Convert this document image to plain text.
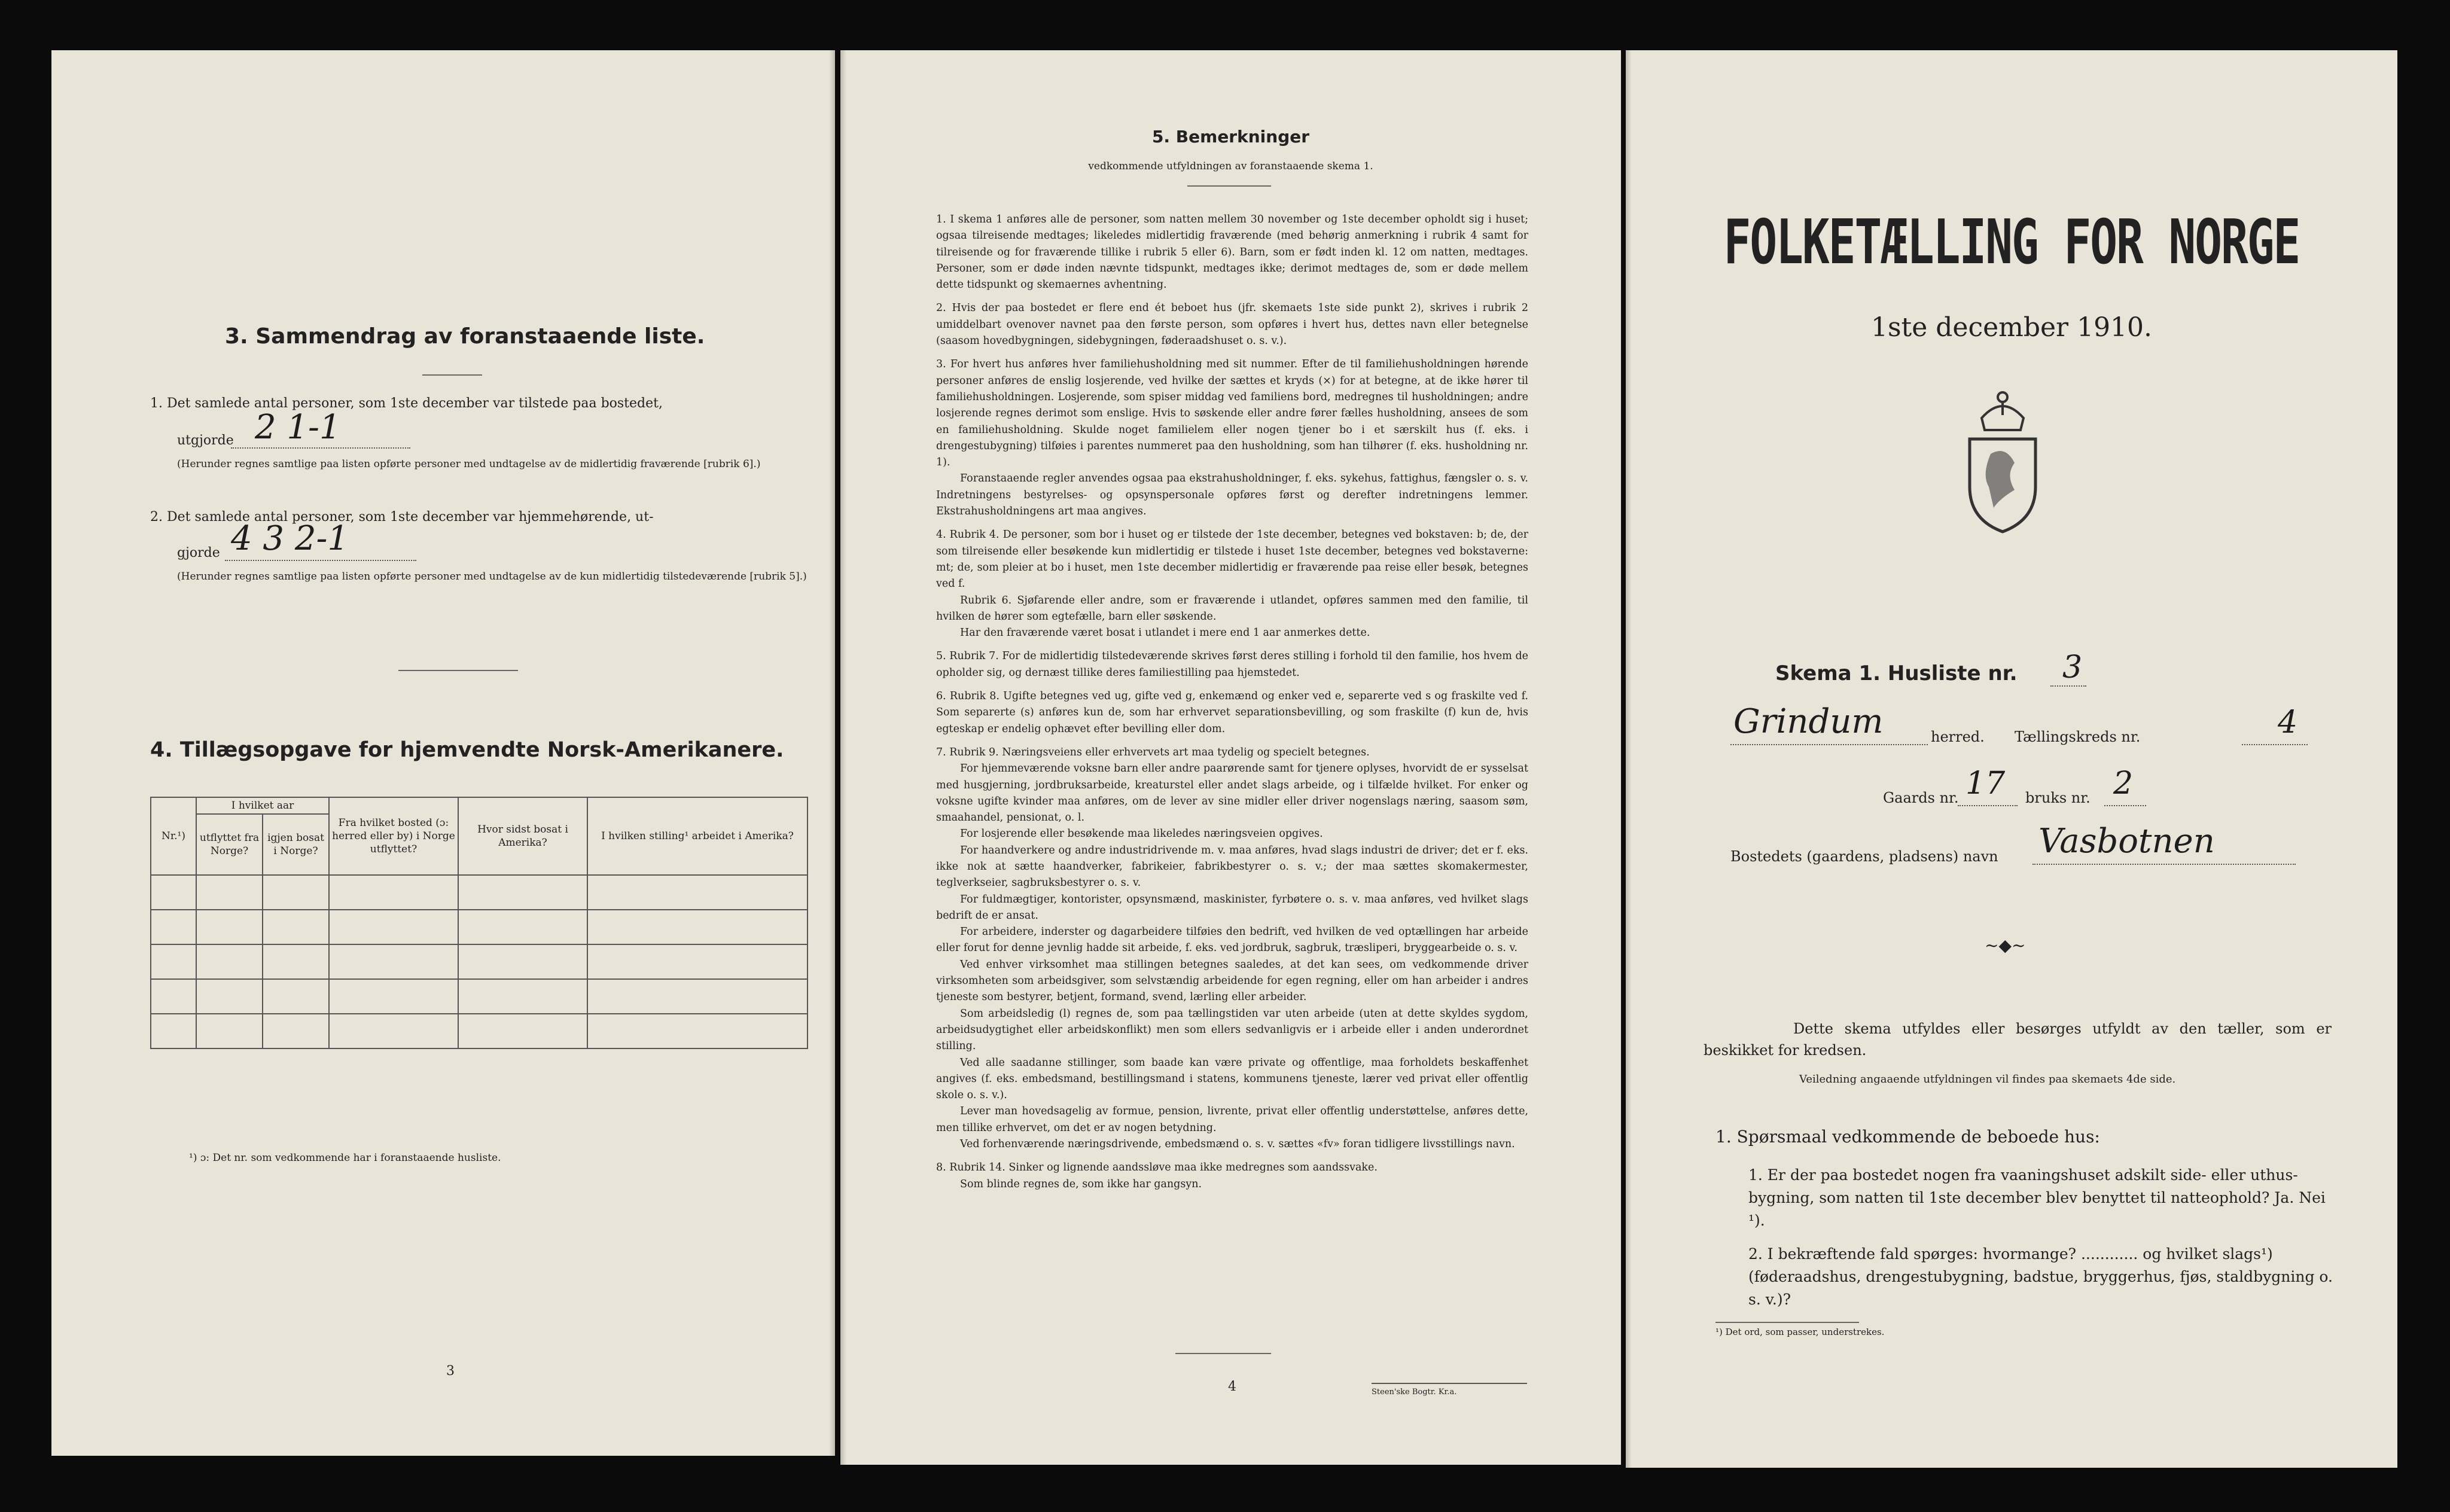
3. Sammendrag av foranstaaende liste.
1. Det samlede antal personer, som 1ste december var tilstede paa bostedet,
utgjorde 2 1-1
(Herunder regnes samtlige paa listen opførte personer med undtagelse av de midlertidig fraværende [rubrik 6].)
2. Det samlede antal personer, som 1ste december var hjemmehørende, ut-
gjorde 4 3 2-1
(Herunder regnes samtlige paa listen opførte personer med undtagelse av de kun midlertidig tilstedeværende [rubrik 5].)
4. Tillægsopgave for hjemvendte Norsk-Amerikanere.
Nr.¹)	I hvilket aar		Fra hvilket bosted (ɔ: herred eller by) i Norge utflyttet?	Hvor sidst bosat i Amerika?	I hvilken stilling¹ arbeidet i Amerika?
	utflyttet fra Norge?	igjen bosat i Norge?			

¹) ɔ: Det nr. som vedkommende har i foranstaaende husliste.
3
5. Bemerkninger
vedkommende utfyldningen av foranstaaende skema 1.

1. I skema 1 anføres alle de personer, som natten mellem 30 november og 1ste december opholdt sig i huset; ogsaa tilreisende medtages; likeledes midlertidig fraværende (med behørig anmerkning i rubrik 4 samt for tilreisende og for fraværende tillike i rubrik 5 eller 6). Barn, som er født inden kl. 12 om natten, medtages. Personer, som er døde inden nævnte tidspunkt, medtages ikke; derimot medtages de, som er døde mellem dette tidspunkt og skemaernes avhentning.

2. Hvis der paa bostedet er flere end ét beboet hus (jfr. skemaets 1ste side punkt 2), skrives i rubrik 2 umiddelbart ovenover navnet paa den første person, som opføres i hvert hus, dettes navn eller betegnelse (saasom hovedbygningen, sidebygningen, føderaadshuset o. s. v.).

3. For hvert hus anføres hver familiehusholdning med sit nummer. Efter de til familiehusholdningen hørende personer anføres de enslig losjerende, ved hvilke der sættes et kryds (×) for at betegne, at de ikke hører til familiehusholdningen. Losjerende, som spiser middag ved familiens bord, medregnes til husholdningen; andre losjerende regnes derimot som enslige. Hvis to søskende eller andre fører fælles husholdning, ansees de som en familiehusholdning. Skulde noget familielem eller nogen tjener bo i et særskilt hus (f. eks. i drengestubygning) tilføies i parentes nummeret paa den husholdning, som han tilhører (f. eks. husholdning nr. 1).

Foranstaaende regler anvendes ogsaa paa ekstrahusholdninger, f. eks. sykehus, fattighus, fængsler o. s. v. Indretningens bestyrelses- og opsynspersonale opføres først og derefter indretningens lemmer. Ekstrahusholdningens art maa angives.

4. Rubrik 4. De personer, som bor i huset og er tilstede der 1ste december, betegnes ved bokstaven: b; de, der som tilreisende eller besøkende kun midlertidig er tilstede i huset 1ste december, betegnes ved bokstaverne: mt; de, som pleier at bo i huset, men 1ste december midlertidig er fraværende paa reise eller besøk, betegnes ved f.

Rubrik 6. Sjøfarende eller andre, som er fraværende i utlandet, opføres sammen med den familie, til hvilken de hører som egtefælle, barn eller søskende.

Har den fraværende været bosat i utlandet i mere end 1 aar anmerkes dette.

5. Rubrik 7. For de midlertidig tilstedeværende skrives først deres stilling i forhold til den familie, hos hvem de opholder sig, og dernæst tillike deres familiestilling paa hjemstedet.

6. Rubrik 8. Ugifte betegnes ved ug, gifte ved g, enkemænd og enker ved e, separerte ved s og fraskilte ved f. Som separerte (s) anføres kun de, som har erhvervet separationsbevilling, og som fraskilte (f) kun de, hvis egteskap er endelig ophævet efter bevilling eller dom.

7. Rubrik 9. Næringsveiens eller erhvervets art maa tydelig og specielt betegnes.

For hjemmeværende voksne barn eller andre paarørende samt for tjenere oplyses, hvorvidt de er sysselsat med husgjerning, jordbruksarbeide, kreaturstel eller andet slags arbeide, og i tilfælde hvilket. For enker og voksne ugifte kvinder maa anføres, om de lever av sine midler eller driver nogenslags næring, saasom søm, smaahandel, pensionat, o. l.

For losjerende eller besøkende maa likeledes næringsveien opgives.

For haandverkere og andre industridrivende m. v. maa anføres, hvad slags industri de driver; det er f. eks. ikke nok at sætte haandverker, fabrikeier, fabrikbestyrer o. s. v.; der maa sættes skomakermester, teglverkseier, sagbruksbestyrer o. s. v.

For fuldmægtiger, kontorister, opsynsmænd, maskinister, fyrbøtere o. s. v. maa anføres, ved hvilket slags bedrift de er ansat.

For arbeidere, inderster og dagarbeidere tilføies den bedrift, ved hvilken de ved optællingen har arbeide eller forut for denne jevnlig hadde sit arbeide, f. eks. ved jordbruk, sagbruk, træsliperi, bryggearbeide o. s. v.

Ved enhver virksomhet maa stillingen betegnes saaledes, at det kan sees, om vedkommende driver virksomheten som arbeidsgiver, som selvstændig arbeidende for egen regning, eller om han arbeider i andres tjeneste som bestyrer, betjent, formand, svend, lærling eller arbeider.

Som arbeidsledig (l) regnes de, som paa tællingstiden var uten arbeide (uten at dette skyldes sygdom, arbeidsudygtighet eller arbeidskonflikt) men som ellers sedvanligvis er i arbeide eller i anden underordnet stilling.

Ved alle saadanne stillinger, som baade kan være private og offentlige, maa forholdets beskaffenhet angives (f. eks. embedsmand, bestillingsmand i statens, kommunens tjeneste, lærer ved privat eller offentlig skole o. s. v.).

Lever man hovedsagelig av formue, pension, livrente, privat eller offentlig understøttelse, anføres dette, men tillike erhvervet, om det er av nogen betydning.

Ved forhenværende næringsdrivende, embedsmænd o. s. v. sættes «fv» foran tidligere livsstillings navn.

8. Rubrik 14. Sinker og lignende aandssløve maa ikke medregnes som aandssvake.

Som blinde regnes de, som ikke har gangsyn.

4	Steen'ske Bogtr. Kr.a.
FOLKETÆLLING FOR NORGE
1ste december 1910.
Skema 1. Husliste nr. 3
Grindum	herred. Tællingskreds nr.	4
Gaards nr. 17 bruks nr. 2
Bostedets (gaardens, pladsens) navn Vasbotnen
~◆~
Dette skema utfyldes eller besørges utfyldt av den tæller, som er beskikket for kredsen.
Veiledning angaaende utfyldningen vil findes paa skemaets 4de side.
1. Spørsmaal vedkommende de beboede hus:
1. Er der paa bostedet nogen fra vaaningshuset adskilt side- eller uthus-bygning, som natten til 1ste december blev benyttet til natteophold? Ja. Nei ¹).
2. I bekræftende fald spørges: hvormange? ............ og hvilket slags¹) (føderaadshus, drengestubygning, badstue, bryggerhus, fjøs, staldbygning o. s. v.)?
¹) Det ord, som passer, understrekes.
